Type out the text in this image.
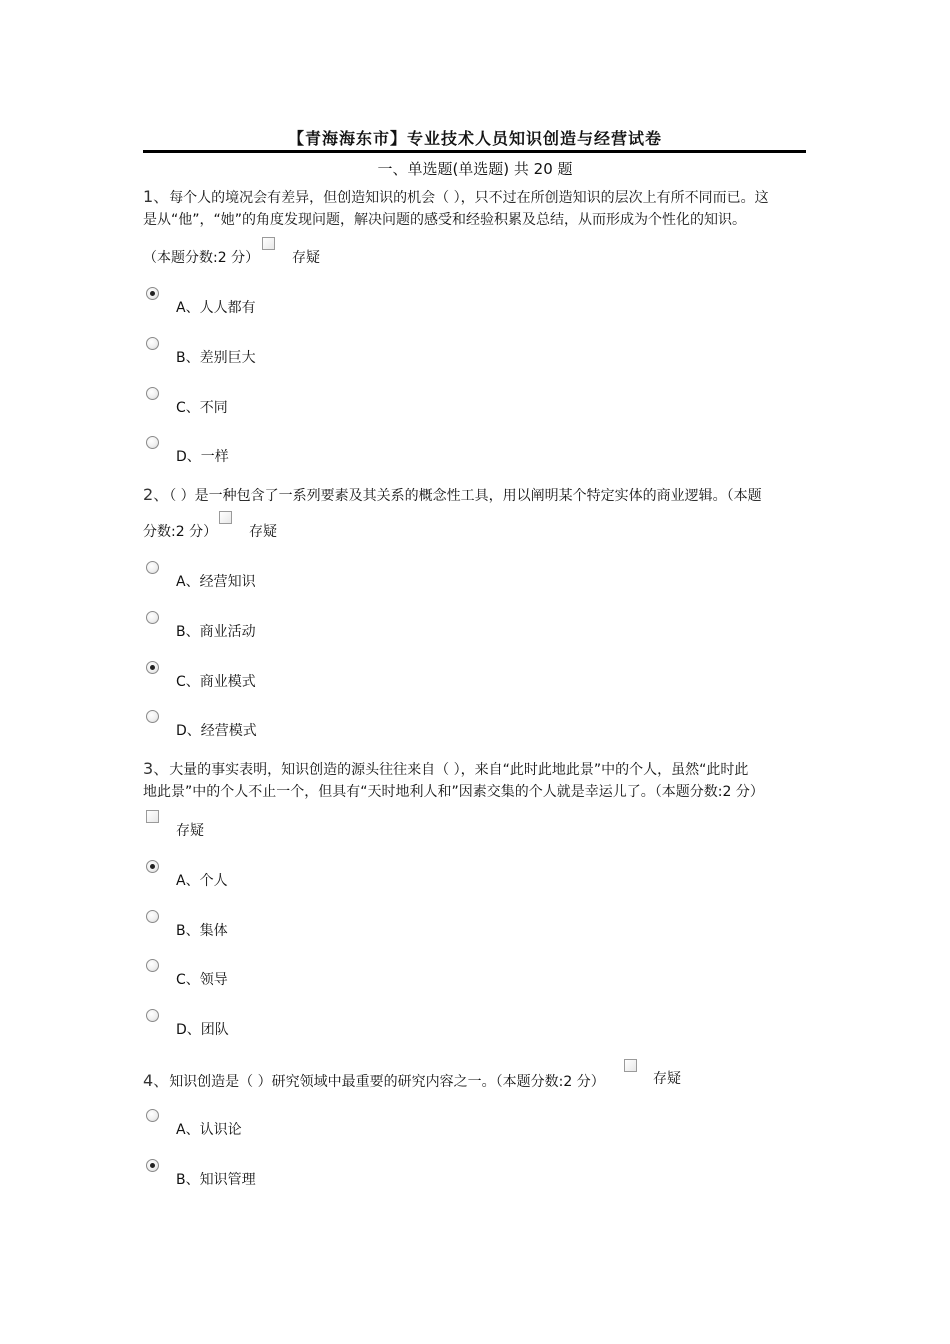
【青海海东市】专业技术人员知识创造与经营试卷
一、单选题(单选题) 共 20 题
1、每个人的境况会有差异，但创造知识的机会（ ），只不过在所创造知识的层次上有所不同而已。这
是从“他”，“她”的角度发现问题，解决问题的感受和经验积累及总结，从而形成为个性化的知识。
（本题分数:2 分） 存疑
A、人人都有
B、差别巨大
C、不同
D、一样
2、（ ）是一种包含了一系列要素及其关系的概念性工具，用以阐明某个特定实体的商业逻辑。（本题
分数:2 分） 存疑
A、经营知识
B、商业活动
C、商业模式
D、经营模式
3、大量的事实表明，知识创造的源头往往来自（ ），来自“此时此地此景”中的个人，虽然“此时此
地此景”中的个人不止一个，但具有“天时地利人和”因素交集的个人就是幸运儿了。（本题分数:2 分）
存疑
A、个人
B、集体
C、领导
D、团队
4、知识创造是（ ）研究领域中最重要的研究内容之一。（本题分数:2 分）	存疑
A、认识论
B、知识管理
